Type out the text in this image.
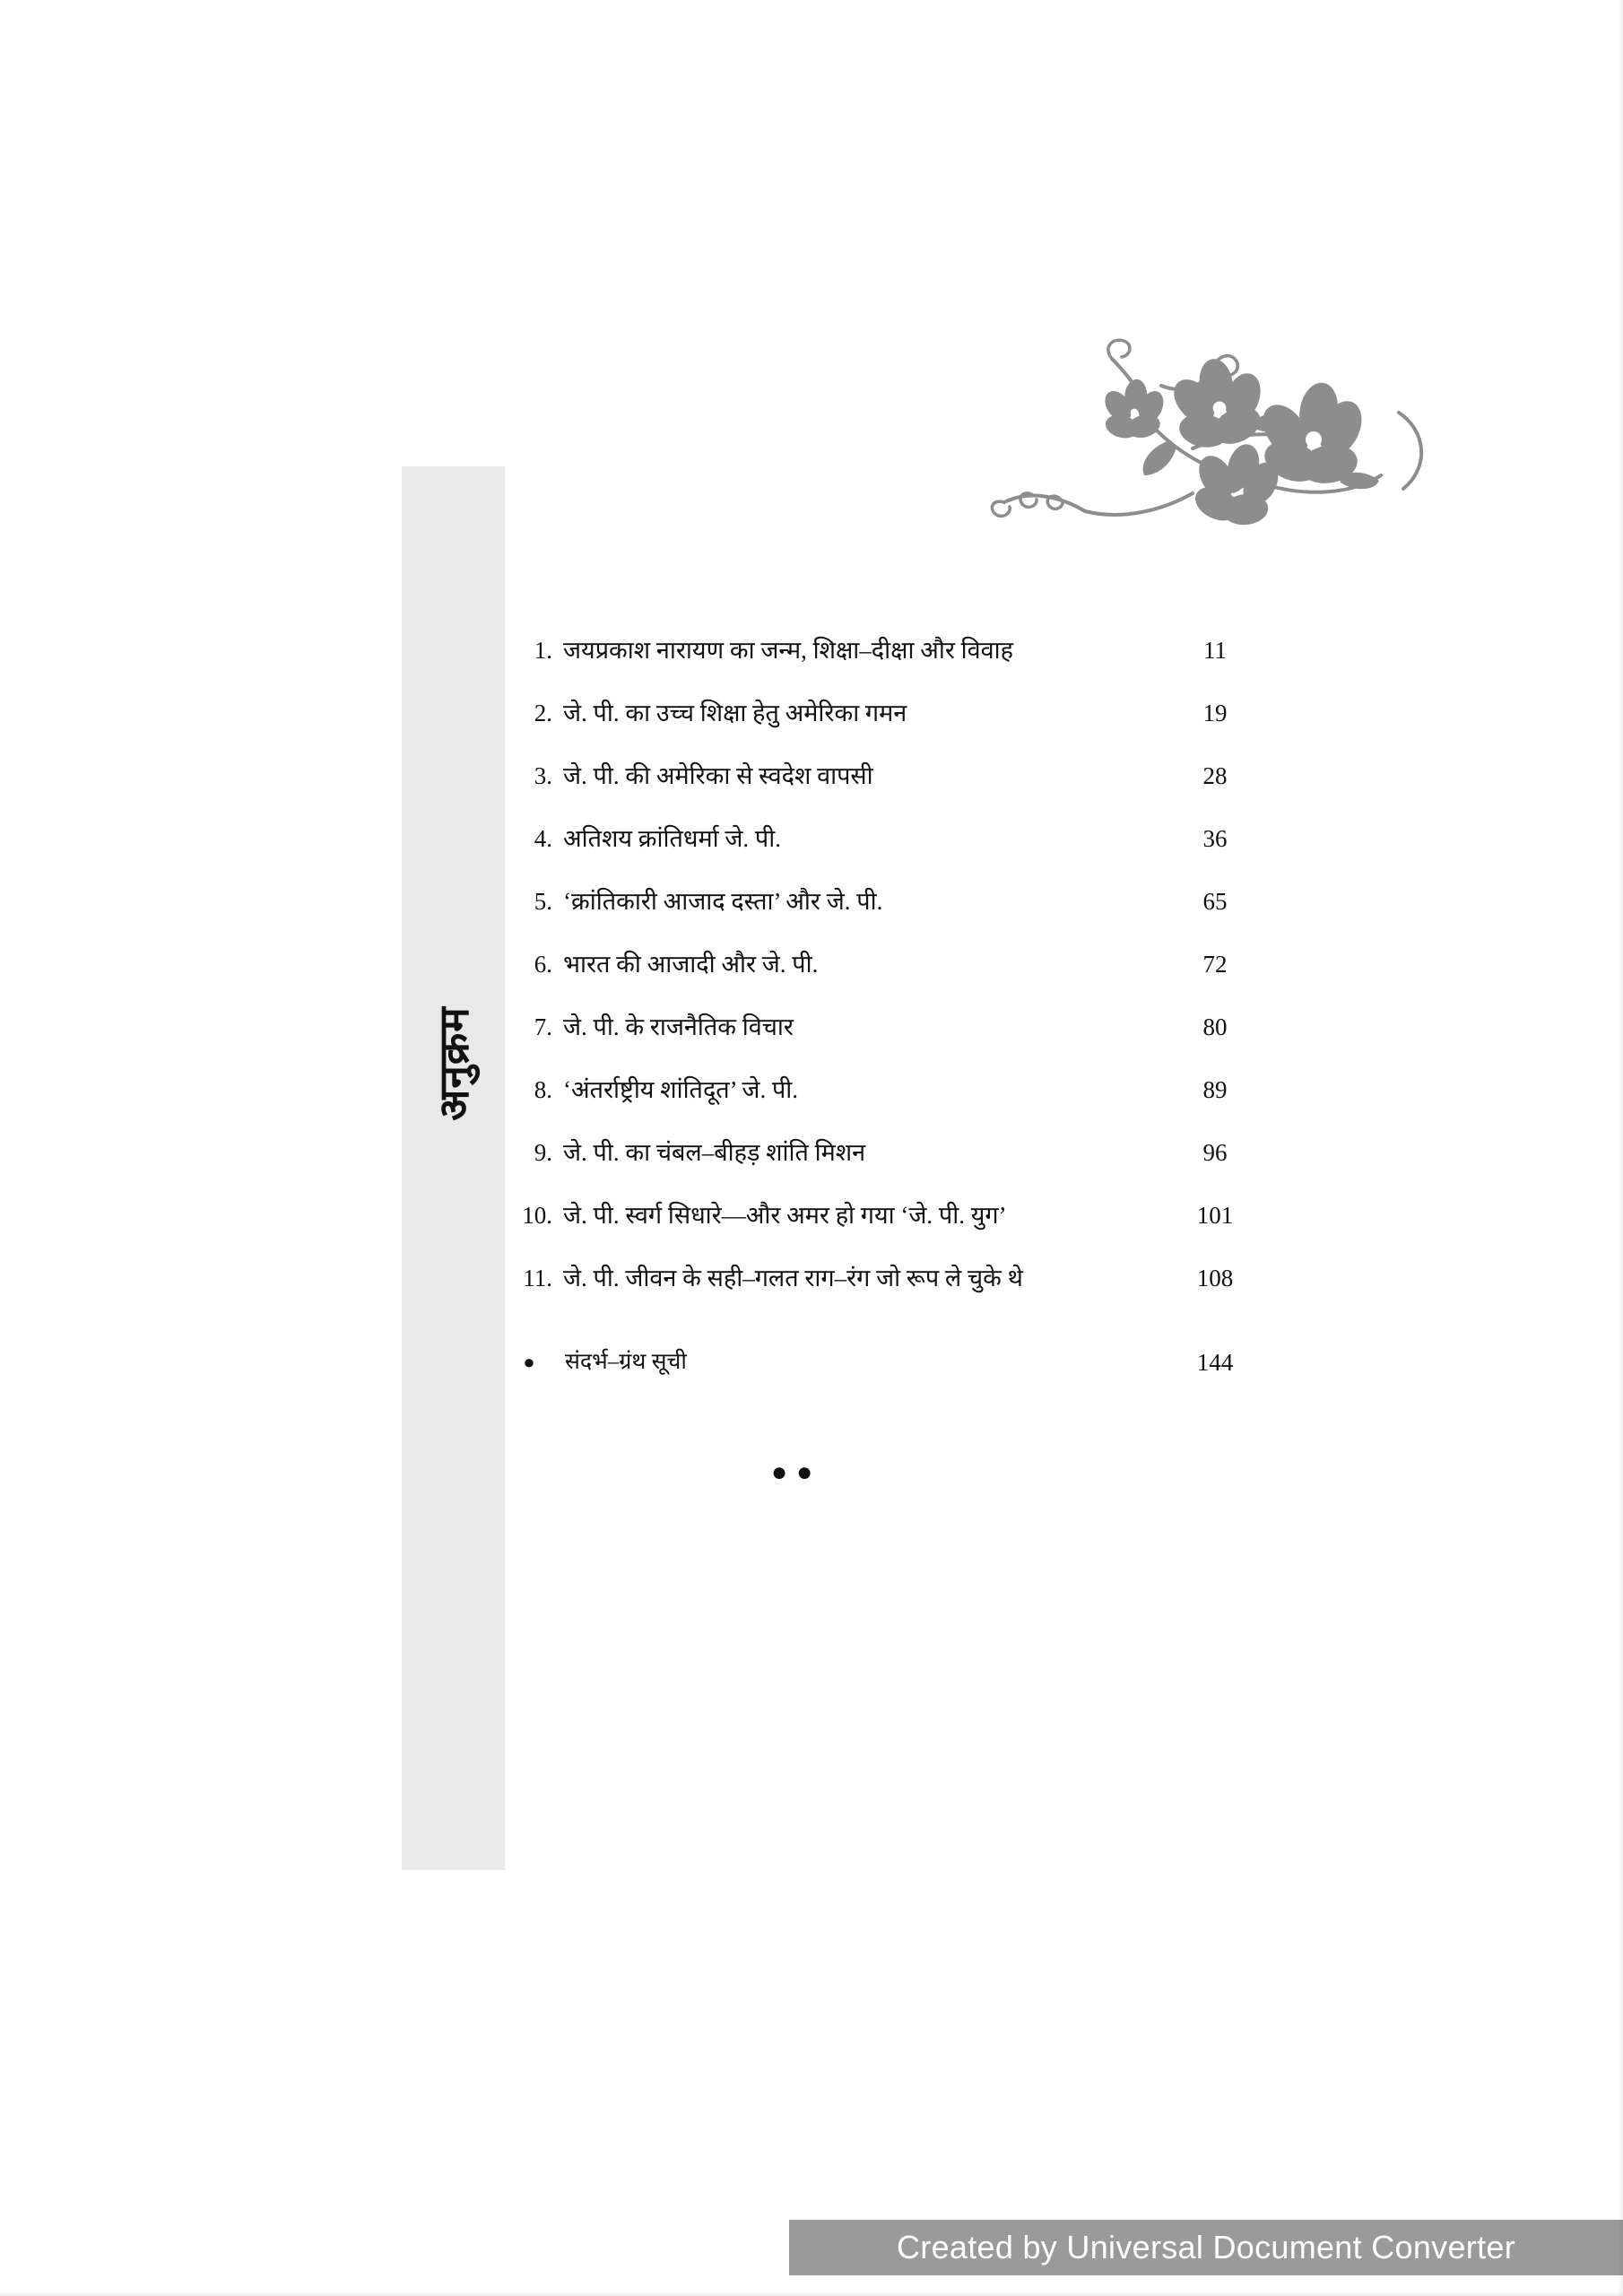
अनुक्रम
1. जयप्रकाश नारायण का जन्म, शिक्षा–दीक्षा और विवाह	11
2. जे. पी. का उच्च शिक्षा हेतु अमेरिका गमन	19
3. जे. पी. की अमेरिका से स्वदेश वापसी	28
4. अतिशय क्रांतिधर्मा जे. पी.	36
5. ‘क्रांतिकारी आजाद दस्ता’ और जे. पी.	65
6. भारत की आजादी और जे. पी.	72
7. जे. पी. के राजनैतिक विचार	80
8. ‘अंतर्राष्ट्रीय शांतिदूत’ जे. पी.	89
9. जे. पी. का चंबल–बीहड़ शांति मिशन	96
10. जे. पी. स्वर्ग सिधारे—और अमर हो गया ‘जे. पी. युग’	101
11. जे. पी. जीवन के सही–गलत राग–रंग जो रूप ले चुके थे	108
●	संदर्भ–ग्रंथ सूची	144
●●
Created by Universal Document Converter
